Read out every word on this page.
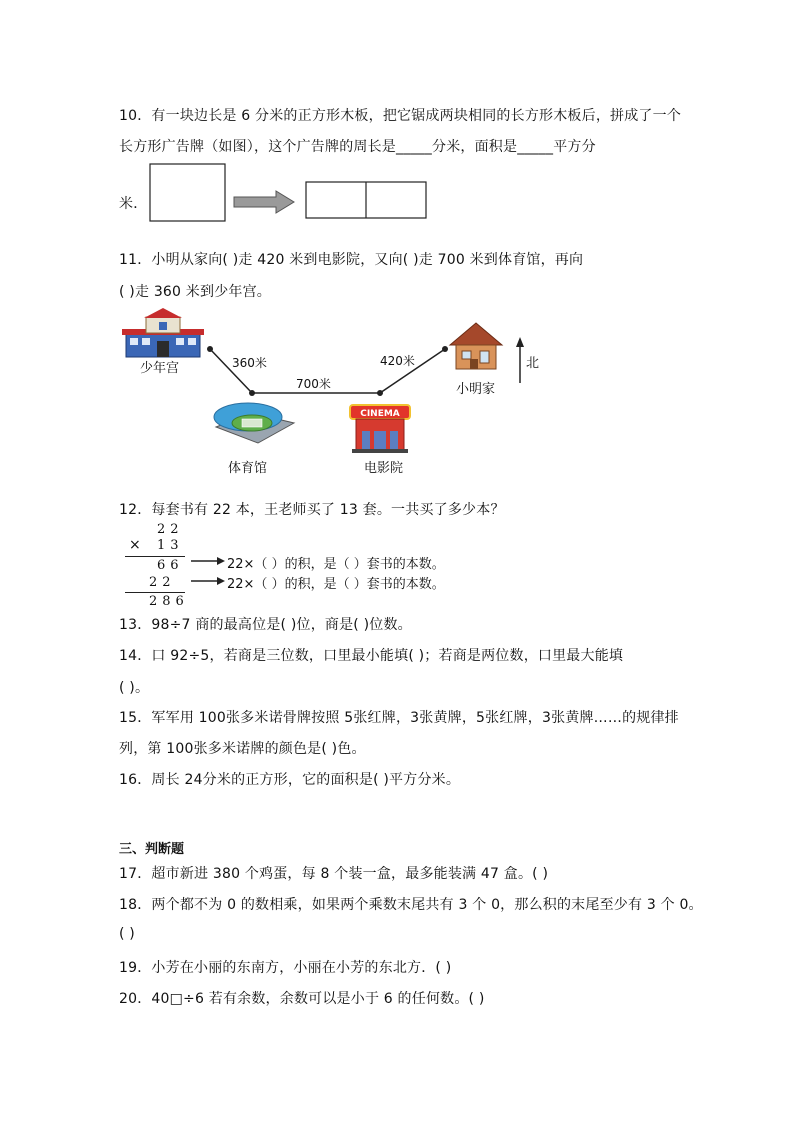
10．有一块边长是 6 分米的正方形木板，把它锯成两块相同的长方形木板后，拼成了一个
长方形广告牌（如图），这个广告牌的周长是_____分米，面积是_____平方分
米．
11．小明从家向( )走 420 米到电影院，又向( )走 700 米到体育馆，再向
( )走 360 米到少年宫。
少年宫	360米
700米
420米
体育馆
CINEMA
电影院
小明家
北
12．每套书有 22 本，王老师买了 13 套。一共买了多少本？
22
× 13
66
22
286
22×（ ）的积，是（ ）套书的本数。
22×（ ）的积，是（ ）套书的本数。
13．98÷7 商的最高位是( )位，商是( )位数。
14．口 92÷5，若商是三位数，口里最小能填( )；若商是两位数，口里最大能填
( )。
15．军军用 100张多米诺骨牌按照 5张红牌，3张黄牌，5张红牌，3张黄牌……的规律排
列，第 100张多米诺牌的颜色是( )色。
16．周长 24分米的正方形，它的面积是( )平方分米。
三、判断题
17．超市新进 380 个鸡蛋，每 8 个装一盒，最多能装满 47 盒。( )
18．两个都不为 0 的数相乘，如果两个乘数末尾共有 3 个 0，那么积的末尾至少有 3 个 0。
( )
19．小芳在小丽的东南方，小丽在小芳的东北方．( )
20．40□÷6 若有余数，余数可以是小于 6 的任何数。( )
